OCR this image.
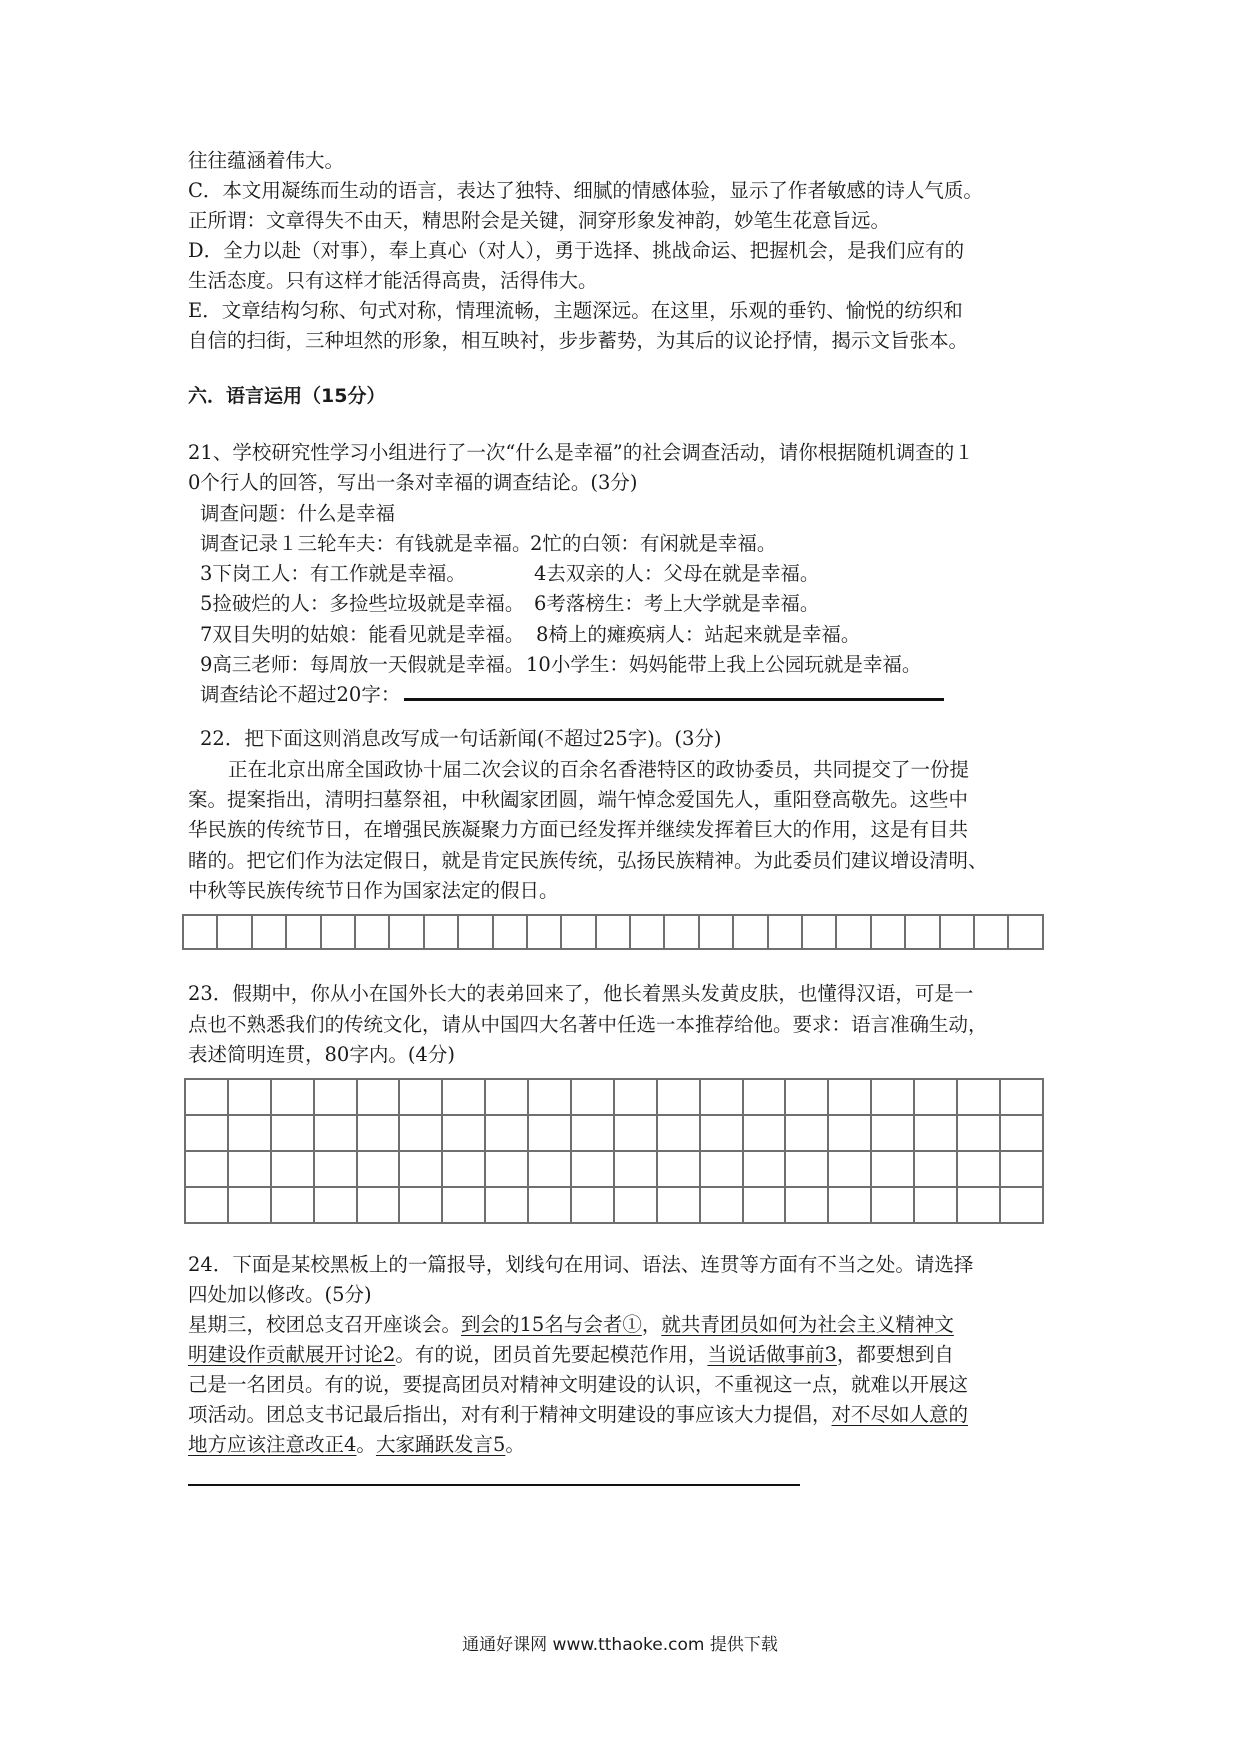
往往蕴涵着伟大。
C．本文用凝练而生动的语言，表达了独特、细腻的情感体验，显示了作者敏感的诗人气质。
正所谓：文章得失不由天，精思附会是关键，洞穿形象发神韵，妙笔生花意旨远。
D．全力以赴（对事），奉上真心（对人），勇于选择、挑战命运、把握机会，是我们应有的
生活态度。只有这样才能活得高贵，活得伟大。
E．文章结构匀称、句式对称，情理流畅，主题深远。在这里，乐观的垂钓、愉悦的纺织和
自信的扫街，三种坦然的形象，相互映衬，步步蓄势，为其后的议论抒情，揭示文旨张本。
六．语言运用（15分）
21、学校研究性学习小组进行了一次“什么是幸福”的社会调查活动，请你根据随机调查的１
0个行人的回答，写出一条对幸福的调查结论。(3分)
调查问题：什么是幸福
调查记录１三轮车夫：有钱就是幸福。
2忙的白领：有闲就是幸福。
3下岗工人：有工作就是幸福。	4去双亲的人：父母在就是幸福。
5捡破烂的人：多捡些垃圾就是幸福。 6考落榜生：考上大学就是幸福。
7双目失明的姑娘：能看见就是幸福。 8椅上的瘫痪病人：站起来就是幸福。
9高三老师：每周放一天假就是幸福。 10小学生：妈妈能带上我上公园玩就是幸福。
调查结论不超过20字：
22．把下面这则消息改写成一句话新闻(不超过25字)。(3分)
正在北京出席全国政协十届二次会议的百余名香港特区的政协委员，共同提交了一份提
案。提案指出，清明扫墓祭祖，中秋阖家团圆，端午悼念爱国先人，重阳登高敬先。这些中
华民族的传统节日，在增强民族凝聚力方面已经发挥并继续发挥着巨大的作用，这是有目共
睹的。把它们作为法定假日，就是肯定民族传统，弘扬民族精神。为此委员们建议增设清明、
中秋等民族传统节日作为国家法定的假日。

23．假期中，你从小在国外长大的表弟回来了，他长着黑头发黄皮肤，也懂得汉语，可是一
点也不熟悉我们的传统文化，请从中国四大名著中任选一本推荐给他。要求：语言准确生动，
表述简明连贯，80字内。(4分)

24．下面是某校黑板上的一篇报导，划线句在用词、语法、连贯等方面有不当之处。请选择
四处加以修改。(5分)
星期三，校团总支召开座谈会。到会的15名与会者①，就共青团员如何为社会主义精神文
明建设作贡献展开讨论2。有的说，团员首先要起模范作用，当说话做事前3，都要想到自
己是一名团员。有的说，要提高团员对精神文明建设的认识，不重视这一点，就难以开展这
项活动。团总支书记最后指出，对有利于精神文明建设的事应该大力提倡，对不尽如人意的
地方应该注意改正4。大家踊跃发言5。
通通好课网 www.tthaoke.com 提供下载
